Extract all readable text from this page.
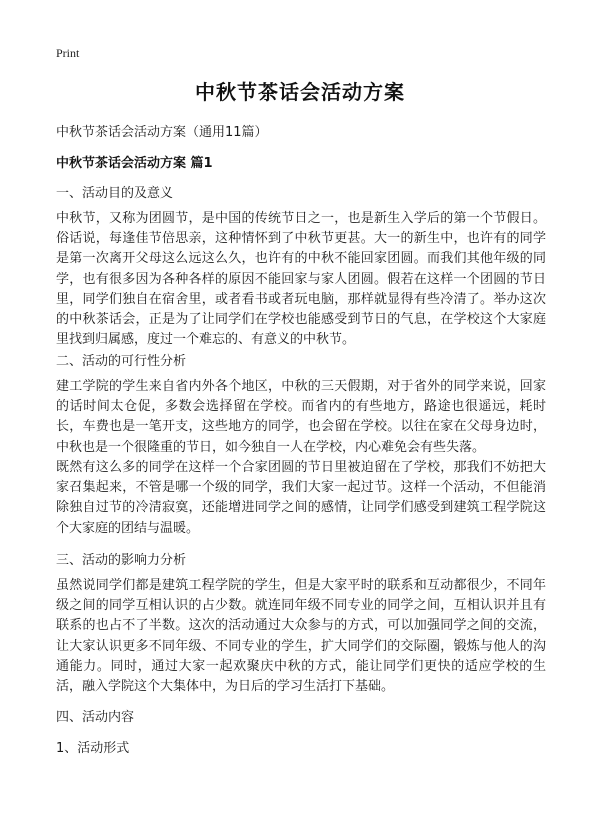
Print
中秋节茶话会活动方案
中秋节茶话会活动方案（通用11篇）
中秋节茶话会活动方案 篇1
一、活动目的及意义
中秋节，又称为团圆节，是中国的传统节日之一，也是新生入学后的第一个节假日。俗话说，每逢佳节倍思亲，这种情怀到了中秋节更甚。大一的新生中，也许有的同学是第一次离开父母这么远这么久，也许有的中秋不能回家团圆。而我们其他年级的同学，也有很多因为各种各样的原因不能回家与家人团圆。假若在这样一个团圆的节日里，同学们独自在宿舍里，或者看书或者玩电脑，那样就显得有些冷清了。举办这次的中秋茶话会，正是为了让同学们在学校也能感受到节日的气息，在学校这个大家庭里找到归属感，度过一个难忘的、有意义的中秋节。
二、活动的可行性分析
建工学院的学生来自省内外各个地区，中秋的三天假期，对于省外的同学来说，回家的话时间太仓促，多数会选择留在学校。而省内的有些地方，路途也很遥远，耗时长，车费也是一笔开支，这些地方的同学，也会留在学校。以往在家在父母身边时，中秋也是一个很隆重的节日，如今独自一人在学校，内心难免会有些失落。
既然有这么多的同学在这样一个合家团圆的节日里被迫留在了学校，那我们不妨把大家召集起来，不管是哪一个级的同学，我们大家一起过节。这样一个活动，不但能消除独自过节的冷清寂寞，还能增进同学之间的感情，让同学们感受到建筑工程学院这个大家庭的团结与温暖。
三、活动的影响力分析
虽然说同学们都是建筑工程学院的学生，但是大家平时的联系和互动都很少，不同年级之间的同学互相认识的占少数。就连同年级不同专业的同学之间，互相认识并且有联系的也占不了半数。这次的活动通过大众参与的方式，可以加强同学之间的交流，让大家认识更多不同年级、不同专业的学生，扩大同学们的交际圈，锻炼与他人的沟通能力。同时，通过大家一起欢聚庆中秋的方式，能让同学们更快的适应学校的生活，融入学院这个大集体中，为日后的学习生活打下基础。
四、活动内容
1、活动形式
